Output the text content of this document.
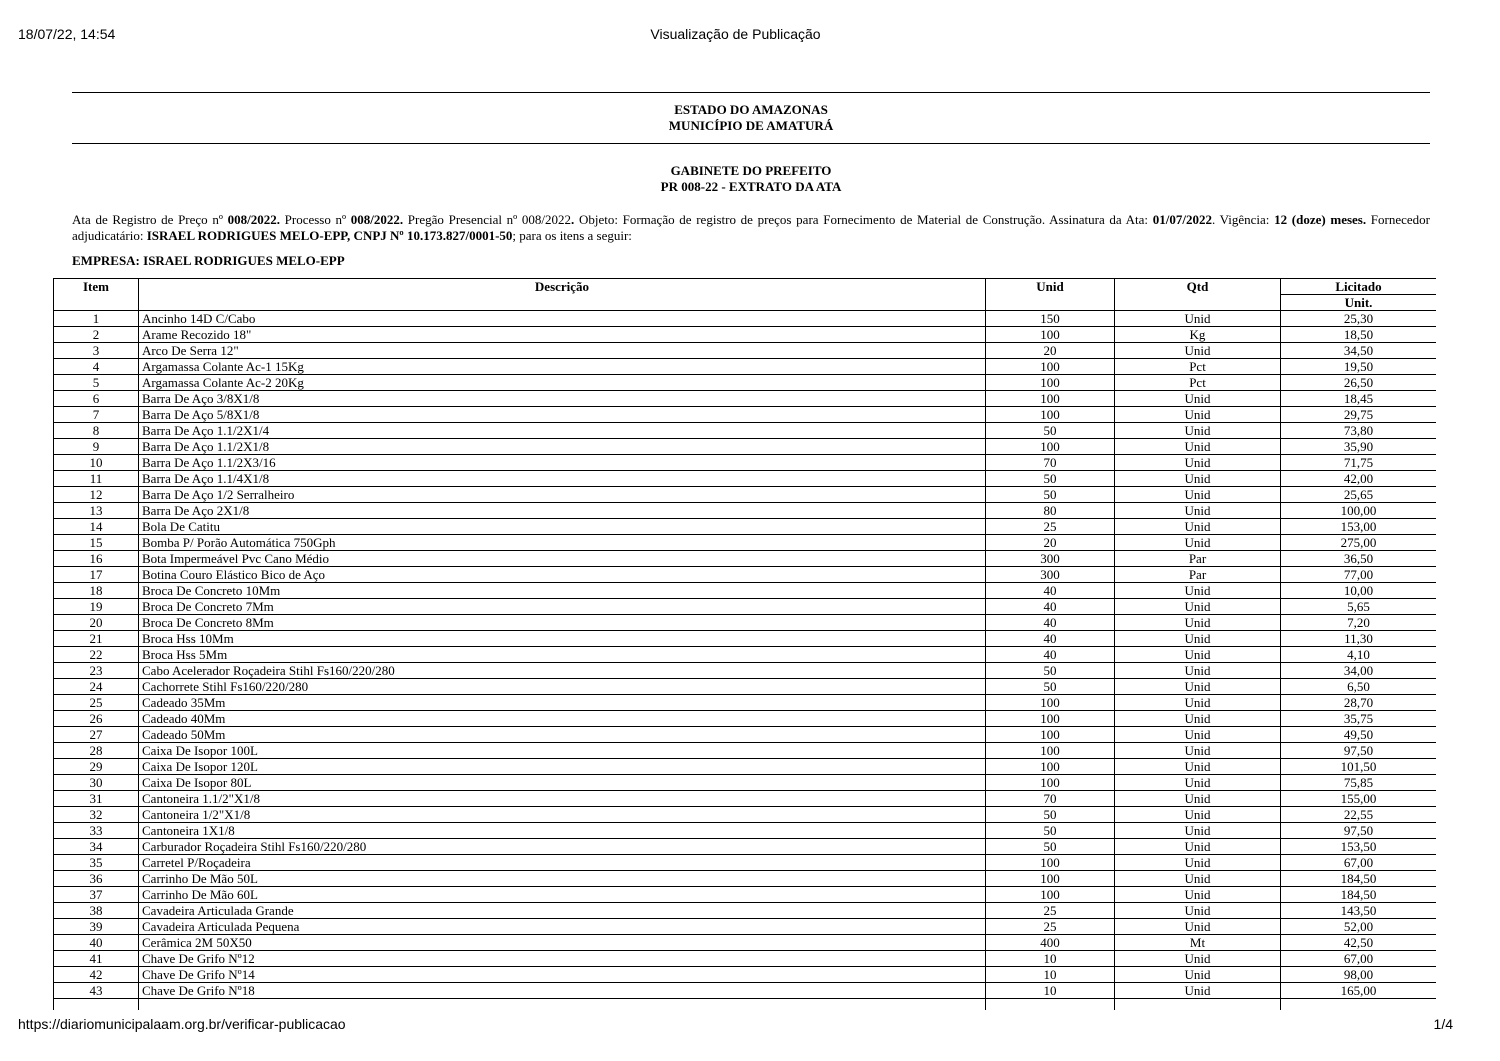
18/07/22, 14:54	Visualização de Publicação
ESTADO DO AMAZONAS
MUNICÍPIO DE AMATURÁ
GABINETE DO PREFEITO
PR 008-22 - EXTRATO DA ATA
Ata de Registro de Preço nº 008/2022. Processo nº 008/2022. Pregão Presencial nº 008/2022. Objeto: Formação de registro de preços para Fornecimento de Material de Construção. Assinatura da Ata: 01/07/2022. Vigência: 12 (doze) meses. Fornecedor adjudicatário: ISRAEL RODRIGUES MELO-EPP, CNPJ Nº 10.173.827/0001-50; para os itens a seguir:
EMPRESA: ISRAEL RODRIGUES MELO-EPP
Item	Descrição	Unid	Qtd	Licitado
				Unit.
1	Ancinho 14D C/Cabo	150	Unid	25,30
2	Arame Recozido 18"	100	Kg	18,50
3	Arco De Serra 12"	20	Unid	34,50
4	Argamassa Colante Ac-1 15Kg	100	Pct	19,50
5	Argamassa Colante Ac-2 20Kg	100	Pct	26,50
6	Barra De Aço 3/8X1/8	100	Unid	18,45
7	Barra De Aço 5/8X1/8	100	Unid	29,75
8	Barra De Aço 1.1/2X1/4	50	Unid	73,80
9	Barra De Aço 1.1/2X1/8	100	Unid	35,90
10	Barra De Aço 1.1/2X3/16	70	Unid	71,75
11	Barra De Aço 1.1/4X1/8	50	Unid	42,00
12	Barra De Aço 1/2 Serralheiro	50	Unid	25,65
13	Barra De Aço 2X1/8	80	Unid	100,00
14	Bola De Catitu	25	Unid	153,00
15	Bomba P/ Porão Automática 750Gph	20	Unid	275,00
16	Bota Impermeável Pvc Cano Médio	300	Par	36,50
17	Botina Couro Elástico Bico de Aço	300	Par	77,00
18	Broca De Concreto 10Mm	40	Unid	10,00
19	Broca De Concreto 7Mm	40	Unid	5,65
20	Broca De Concreto 8Mm	40	Unid	7,20
21	Broca Hss 10Mm	40	Unid	11,30
22	Broca Hss 5Mm	40	Unid	4,10
23	Cabo Acelerador Roçadeira Stihl Fs160/220/280	50	Unid	34,00
24	Cachorrete Stihl Fs160/220/280	50	Unid	6,50
25	Cadeado 35Mm	100	Unid	28,70
26	Cadeado 40Mm	100	Unid	35,75
27	Cadeado 50Mm	100	Unid	49,50
28	Caixa De Isopor 100L	100	Unid	97,50
29	Caixa De Isopor 120L	100	Unid	101,50
30	Caixa De Isopor 80L	100	Unid	75,85
31	Cantoneira 1.1/2"X1/8	70	Unid	155,00
32	Cantoneira 1/2"X1/8	50	Unid	22,55
33	Cantoneira 1X1/8	50	Unid	97,50
34	Carburador Roçadeira Stihl Fs160/220/280	50	Unid	153,50
35	Carretel P/Roçadeira	100	Unid	67,00
36	Carrinho De Mão 50L	100	Unid	184,50
37	Carrinho De Mão 60L	100	Unid	184,50
38	Cavadeira Articulada Grande	25	Unid	143,50
39	Cavadeira Articulada Pequena	25	Unid	52,00
40	Cerâmica 2M 50X50	400	Mt	42,50
41	Chave De Grifo Nº12	10	Unid	67,00
42	Chave De Grifo Nº14	10	Unid	98,00
43	Chave De Grifo Nº18	10	Unid	165,00

https://diariomunicipalaam.org.br/verificar-publicacao	1/4
